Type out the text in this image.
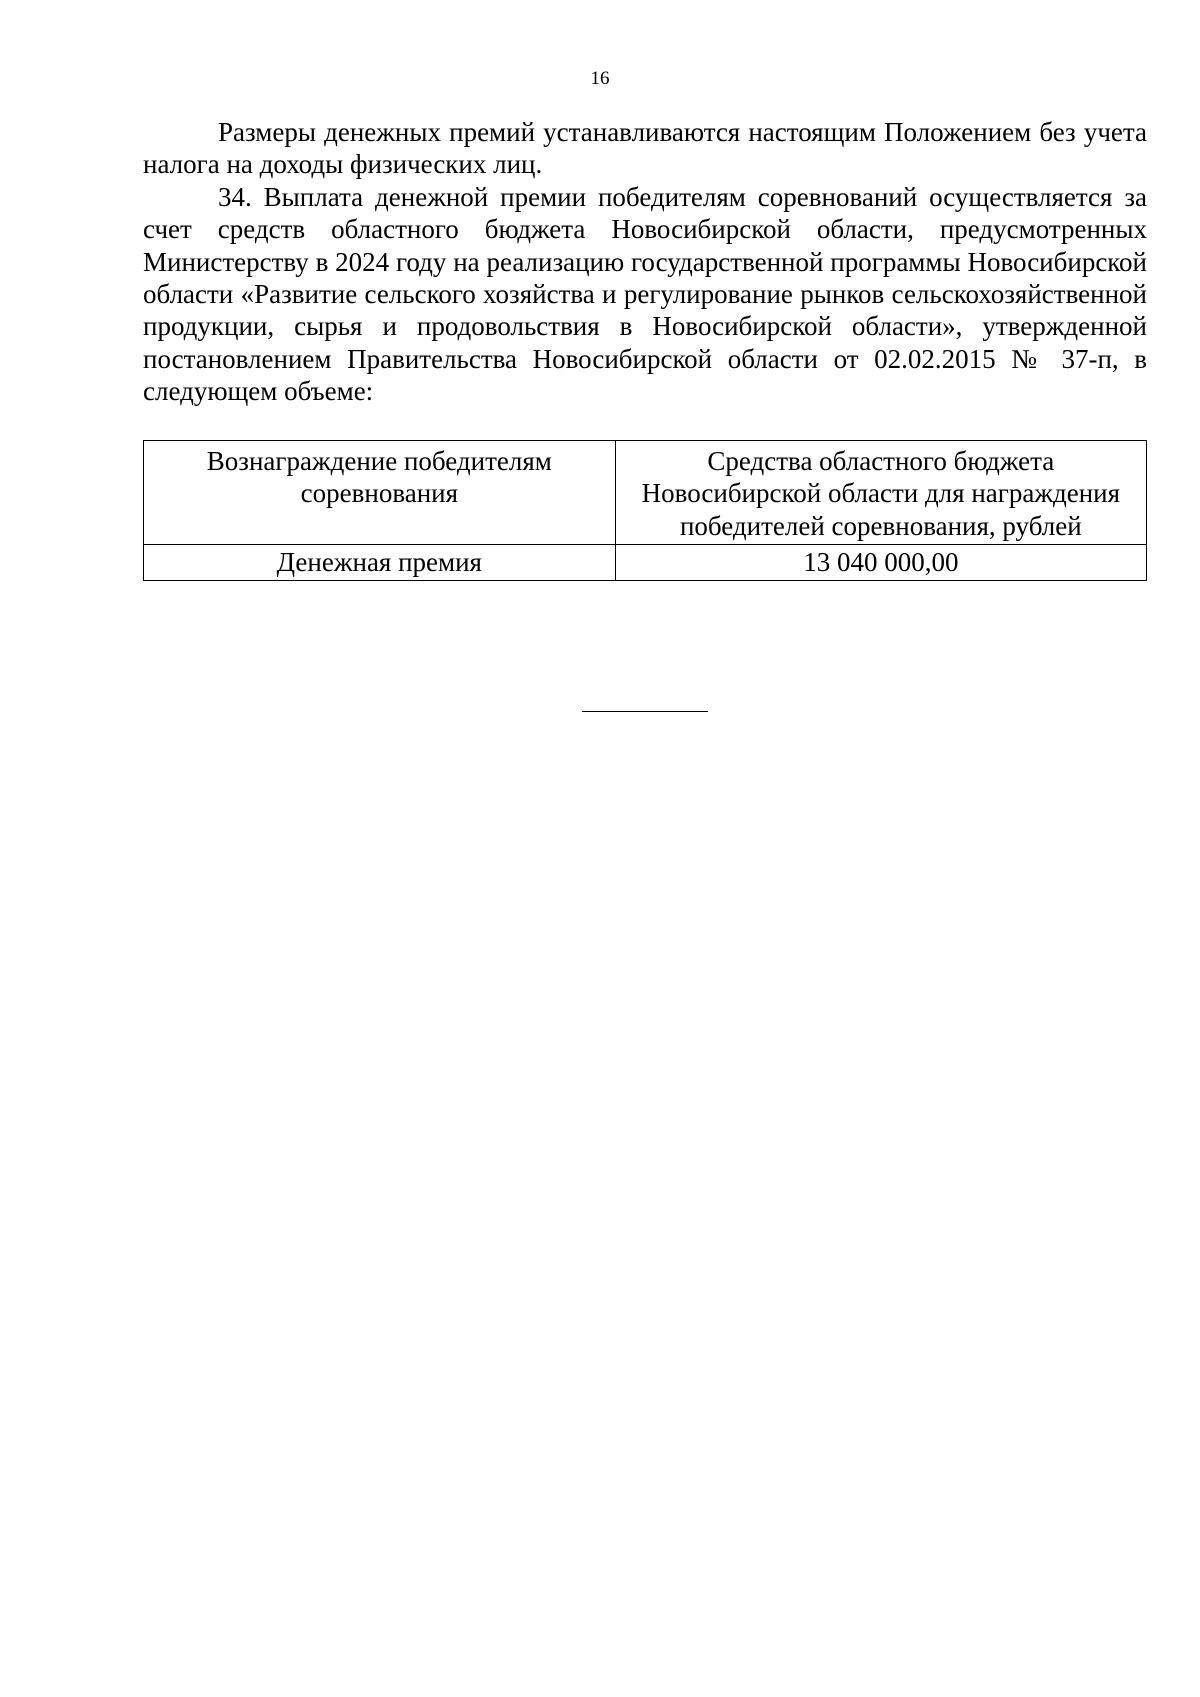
16

Размеры денежных премий устанавливаются настоящим Положением без учета налога на доходы физических лиц.

34. Выплата денежной премии победителям соревнований осуществляется за счет средств областного бюджета Новосибирской области, предусмотренных Министерству в 2024 году на реализацию государственной программы Новосибирской области «Развитие сельского хозяйства и регулирование рынков сельскохозяйственной продукции, сырья и продовольствия в Новосибирской области», утвержденной постановлением Правительства Новосибирской области от 02.02.2015 № 37-п, в следующем объеме:

Вознаграждение победителям соревнования	Средства областного бюджета Новосибирской области для награждения победителей соревнования, рублей
Денежная премия	13 040 000,00
